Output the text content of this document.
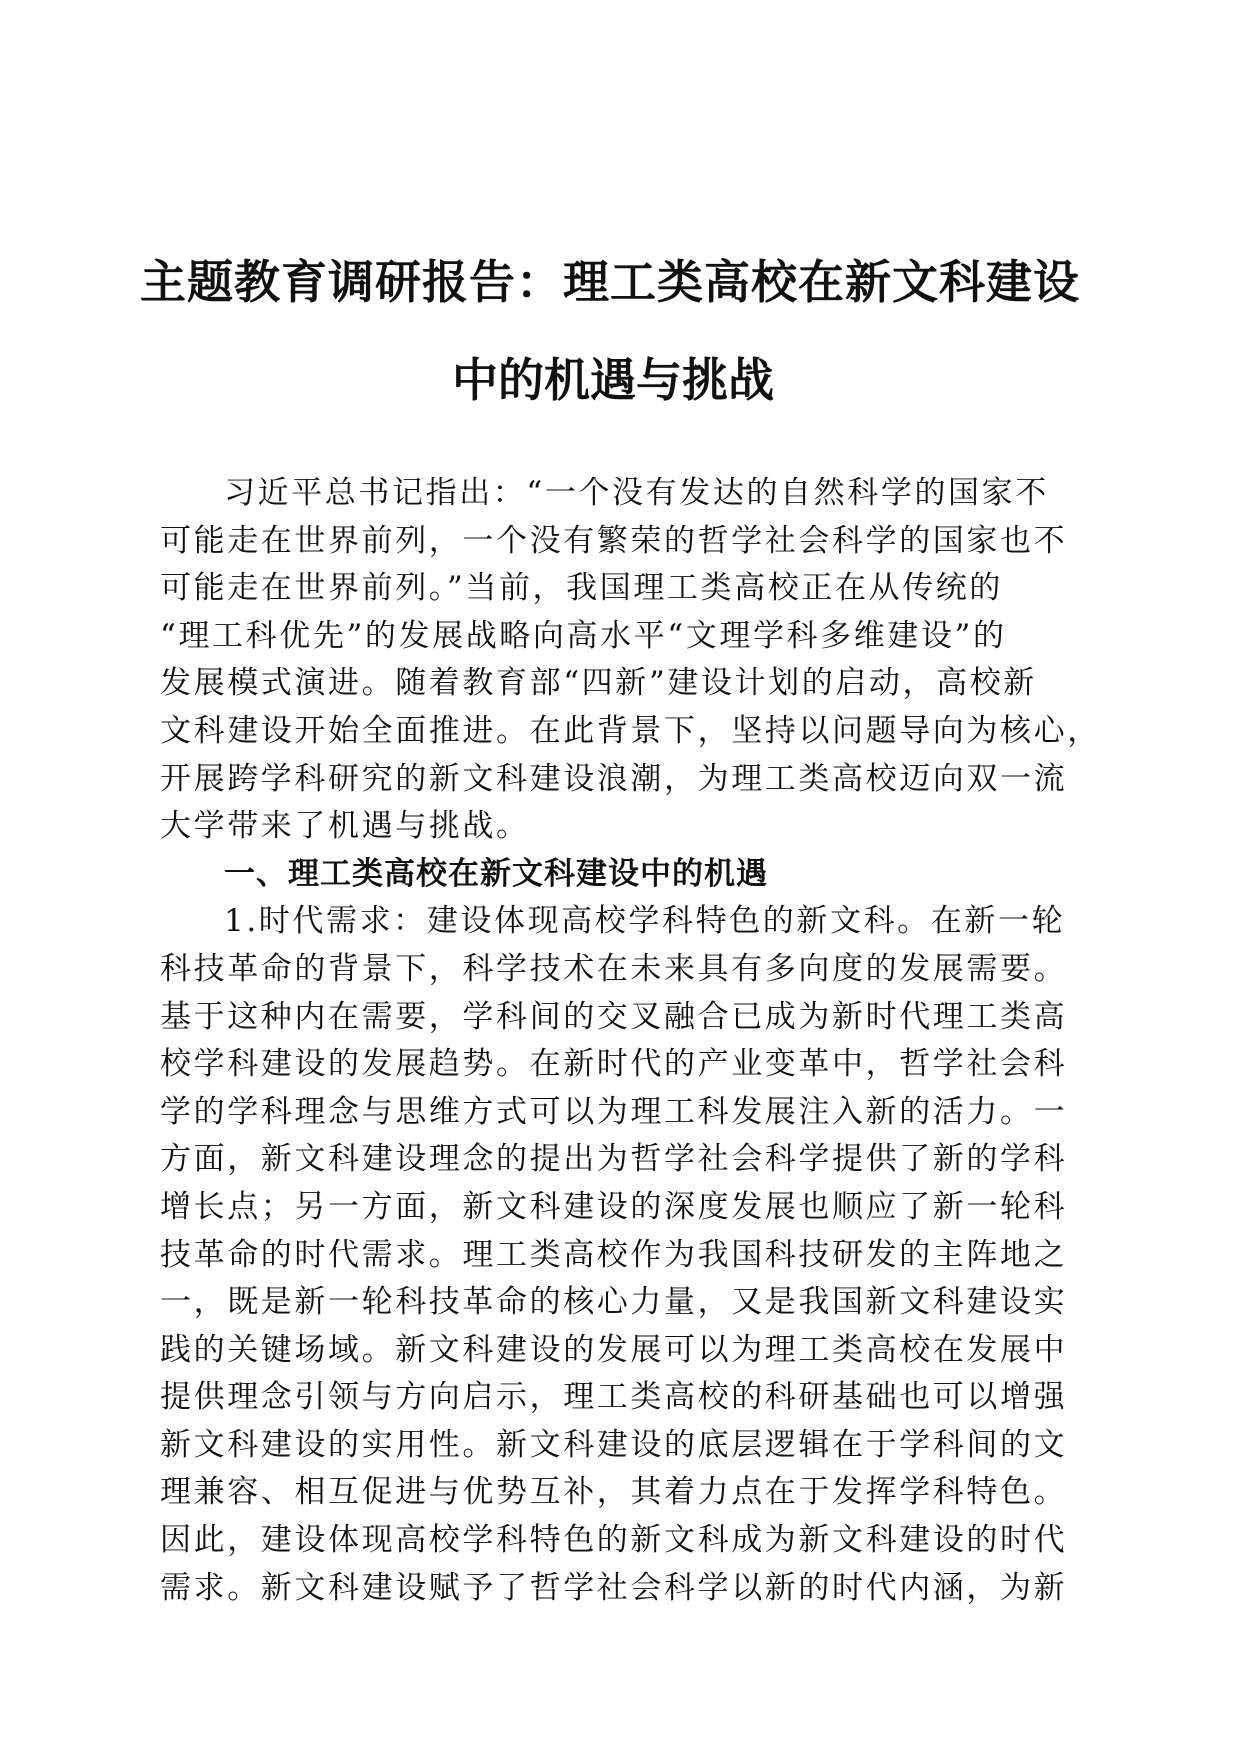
主题教育调研报告：理工类高校在新文科建设
中的机遇与挑战
习近平总书记指出：“一个没有发达的自然科学的国家不
可能走在世界前列，一个没有繁荣的哲学社会科学的国家也不
可能走在世界前列。”当前，我国理工类高校正在从传统的
“理工科优先”的发展战略向高水平“文理学科多维建设”的
发展模式演进。随着教育部“四新”建设计划的启动，高校新
文科建设开始全面推进。在此背景下，坚持以问题导向为核心，
开展跨学科研究的新文科建设浪潮，为理工类高校迈向双一流
大学带来了机遇与挑战。
一、理工类高校在新文科建设中的机遇
1.时代需求：建设体现高校学科特色的新文科。在新一轮
科技革命的背景下，科学技术在未来具有多向度的发展需要。
基于这种内在需要，学科间的交叉融合已成为新时代理工类高
校学科建设的发展趋势。在新时代的产业变革中，哲学社会科
学的学科理念与思维方式可以为理工科发展注入新的活力。一
方面，新文科建设理念的提出为哲学社会科学提供了新的学科
增长点；另一方面，新文科建设的深度发展也顺应了新一轮科
技革命的时代需求。理工类高校作为我国科技研发的主阵地之
一，既是新一轮科技革命的核心力量，又是我国新文科建设实
践的关键场域。新文科建设的发展可以为理工类高校在发展中
提供理念引领与方向启示，理工类高校的科研基础也可以增强
新文科建设的实用性。新文科建设的底层逻辑在于学科间的文
理兼容、相互促进与优势互补，其着力点在于发挥学科特色。
因此，建设体现高校学科特色的新文科成为新文科建设的时代
需求。新文科建设赋予了哲学社会科学以新的时代内涵，为新
